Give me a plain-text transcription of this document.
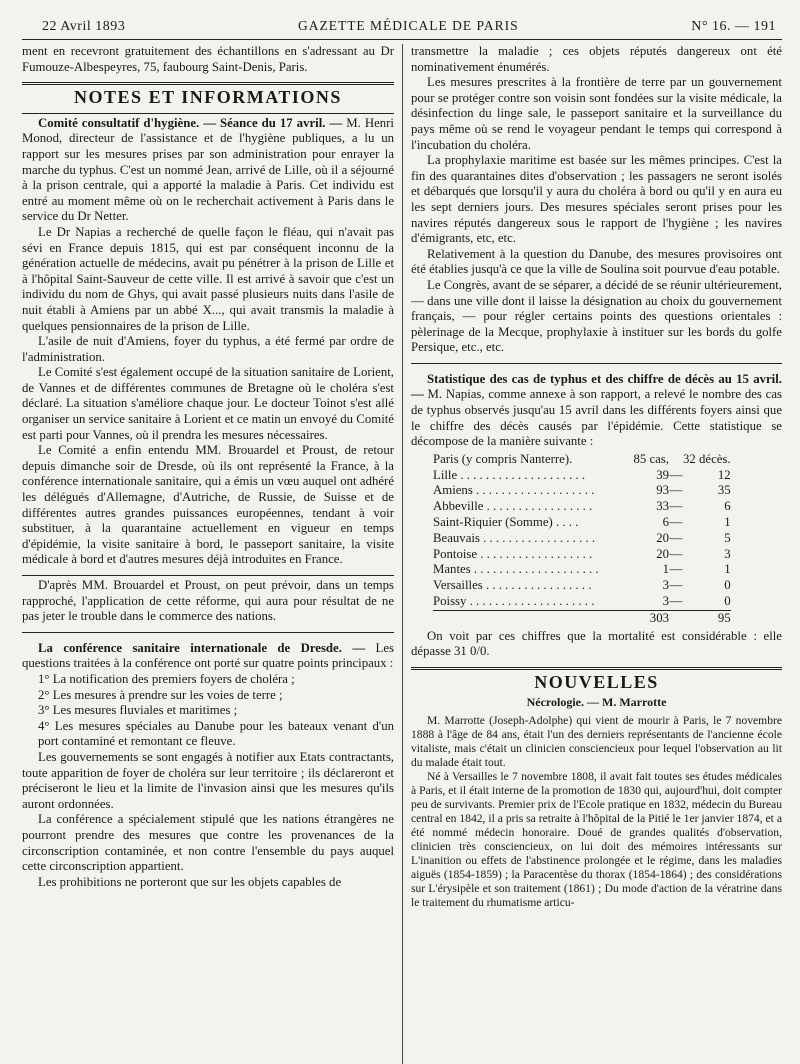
22 Avril 1893	GAZETTE MÉDICALE DE PARIS	N° 16. — 191

ment en recevront gratuitement des échantillons en s'adressant au Dr Fumouze-Albespeyres, 75, faubourg Saint-Denis, Paris.

NOTES ET INFORMATIONS

Comité consultatif d'hygiène. — Séance du 17 avril. — M. Henri Monod, directeur de l'assistance et de l'hygiène publiques, a lu un rapport sur les mesures prises par son administration pour enrayer la marche du typhus. C'est un nommé Jean, arrivé de Lille, où il a séjourné à la prison centrale, qui a apporté la maladie à Paris. Cet individu est entré au moment même où on le recherchait activement à Paris dans le service du Dr Netter.

Le Dr Napias a recherché de quelle façon le fléau, qui n'avait pas sévi en France depuis 1815, qui est par conséquent inconnu de la génération actuelle de médecins, avait pu pénétrer à la prison de Lille et à l'hôpital Saint-Sauveur de cette ville. Il est arrivé à savoir que c'est un individu du nom de Ghys, qui avait passé plusieurs nuits dans l'asile de nuit établi à Amiens par un abbé X..., qui avait transmis la maladie à quelques pensionnaires de la prison de Lille.

L'asile de nuit d'Amiens, foyer du typhus, a été fermé par ordre de l'administration.

Le Comité s'est également occupé de la situation sanitaire de Lorient, de Vannes et de différentes communes de Bretagne où le choléra s'est déclaré. La situation s'améliore chaque jour. Le docteur Toinot s'est allé organiser un service sanitaire à Lorient et ce matin un envoyé du Comité est parti pour Vannes, où il prendra les mesures nécessaires.

Le Comité a enfin entendu MM. Brouardel et Proust, de retour depuis dimanche soir de Dresde, où ils ont représenté la France, à la conférence internationale sanitaire, qui a émis un vœu auquel ont adhéré les délégués d'Allemagne, d'Autriche, de Russie, de Suisse et de différentes autres grandes puissances européennes, tendant à voir substituer, à la quarantaine actuellement en vigueur en temps d'épidémie, la visite sanitaire à bord, le passeport sanitaire, la visite médicale à bord et d'autres mesures déjà introduites en France.

D'après MM. Brouardel et Proust, on peut prévoir, dans un temps rapproché, l'application de cette réforme, qui aura pour résultat de ne pas jeter le trouble dans le commerce des nations.

La conférence sanitaire internationale de Dresde. — Les questions traitées à la conférence ont porté sur quatre points principaux :

1° La notification des premiers foyers de choléra ;

2° Les mesures à prendre sur les voies de terre ;

3° Les mesures fluviales et maritimes ;

4° Les mesures spéciales au Danube pour les bateaux venant d'un port contaminé et remontant ce fleuve.

Les gouvernements se sont engagés à notifier aux Etats contractants, toute apparition de foyer de choléra sur leur territoire ; ils déclareront et préciseront le lieu et la limite de l'invasion ainsi que les mesures qu'ils auront ordonnées.

La conférence a spécialement stipulé que les nations étrangères ne pourront prendre des mesures que contre les provenances de la circonscription contaminée, et non contre l'ensemble du pays auquel cette circonscription appartient.

Les prohibitions ne porteront que sur les objets capables de

transmettre la maladie ; ces objets réputés dangereux ont été nominativement énumérés.

Les mesures prescrites à la frontière de terre par un gouvernement pour se protéger contre son voisin sont fondées sur la visite médicale, la désinfection du linge sale, le passeport sanitaire et la surveillance du pays même où se rend le voyageur pendant le temps qui correspond à l'incubation du choléra.

La prophylaxie maritime est basée sur les mêmes principes. C'est la fin des quarantaines dites d'observation ; les passagers ne seront isolés et débarqués que lorsqu'il y aura du choléra à bord ou qu'il y en aura eu les sept derniers jours. Des mesures spéciales seront prises pour les navires réputés dangereux sous le rapport de l'hygiène ; les navires d'émigrants, etc, etc.

Relativement à la question du Danube, des mesures provisoires ont été établies jusqu'à ce que la ville de Soulina soit pourvue d'eau potable.

Le Congrès, avant de se séparer, a décidé de se réunir ultérieurement, — dans une ville dont il laisse la désignation au choix du gouvernement français, — pour régler certains points des questions orientales : pèlerinage de la Mecque, prophylaxie à instituer sur les bords du golfe Persique, etc., etc.

Statistique des cas de typhus et des chiffre de décès au 15 avril. — M. Napias, comme annexe à son rapport, a relevé le nombre des cas de typhus observés jusqu'au 15 avril dans les différents foyers ainsi que le chiffre des décès causés par l'épidémie. Cette statistique se décompose de la manière suivante :

Paris (y compris Nanterre).	85 cas,		32 décès.
Lille . . . . . . . . . . . . . . . . . . . .	39	—	12
Amiens . . . . . . . . . . . . . . . . . . .	93	—	35
Abbeville . . . . . . . . . . . . . . . . .	33	—	6
Saint-Riquier (Somme) . . . .	6	—	1
Beauvais . . . . . . . . . . . . . . . . . .	20	—	5
Pontoise . . . . . . . . . . . . . . . . . .	20	—	3
Mantes . . . . . . . . . . . . . . . . . . . .	1	—	1
Versailles . . . . . . . . . . . . . . . . .	3	—	0
Poissy . . . . . . . . . . . . . . . . . . . .	3	—	0
	303		95

On voit par ces chiffres que la mortalité est considérable : elle dépasse 31 0/0.

NOUVELLES
Nécrologie. — M. Marrotte

M. Marrotte (Joseph-Adolphe) qui vient de mourir à Paris, le 7 novembre 1888 à l'âge de 84 ans, était l'un des derniers représentants de l'ancienne école vitaliste, mais c'était un clinicien consciencieux pour lequel l'observation au lit du malade était tout.

Né à Versailles le 7 novembre 1808, il avait fait toutes ses études médicales à Paris, et il était interne de la promotion de 1830 qui, aujourd'hui, doit compter peu de survivants. Premier prix de l'Ecole pratique en 1832, médecin du Bureau central en 1842, il a pris sa retraite à l'hôpital de la Pitié le 1er janvier 1874, et a été nommé médecin honoraire. Doué de grandes qualités d'observation, clinicien très consciencieux, on lui doit des mémoires intéressants sur L'inanition ou effets de l'abstinence prolongée et le régime, dans les maladies aiguës (1854-1859) ; la Paracentèse du thorax (1854-1864) ; des considérations sur L'érysipèle et son traitement (1861) ; Du mode d'action de la vératrine dans le traitement du rhumatisme articu-
